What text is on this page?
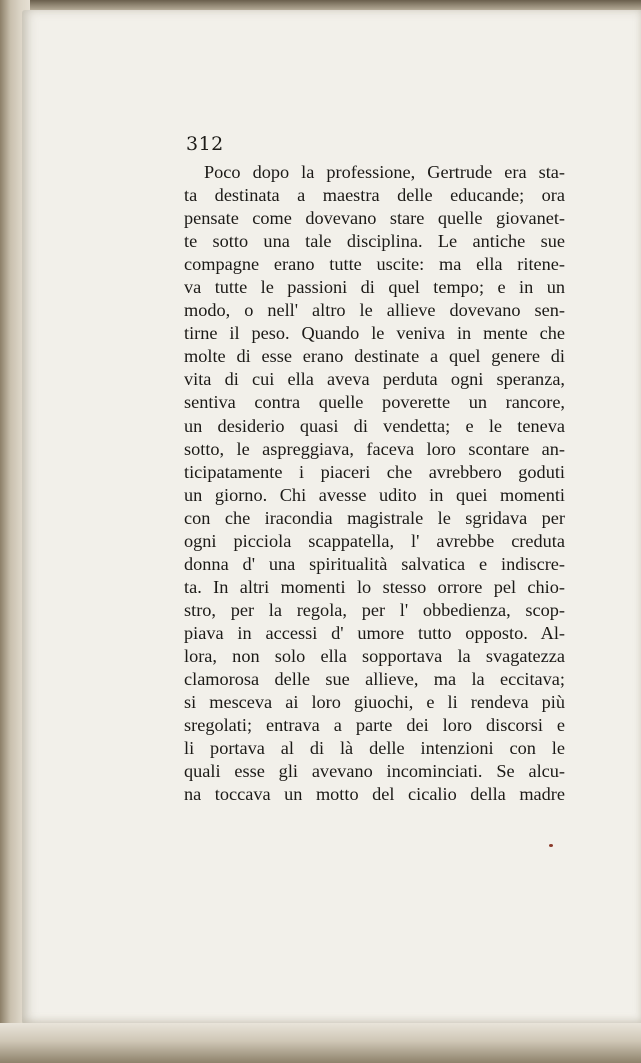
312

Poco dopo la professione, Gertrude era sta-
ta destinata a maestra delle educande; ora
pensate come dovevano stare quelle giovanet-
te sotto una tale disciplina. Le antiche sue
compagne erano tutte uscite: ma ella ritene-
va tutte le passioni di quel tempo; e in un
modo, o nell' altro le allieve dovevano sen-
tirne il peso. Quando le veniva in mente che
molte di esse erano destinate a quel genere di
vita di cui ella aveva perduta ogni speranza,
sentiva contra quelle poverette un rancore,
un desiderio quasi di vendetta; e le teneva
sotto, le aspreggiava, faceva loro scontare an-
ticipatamente i piaceri che avrebbero goduti
un giorno. Chi avesse udito in quei momenti
con che iracondia magistrale le sgridava per
ogni picciola scappatella, l' avrebbe creduta
donna d' una spiritualità salvatica e indiscre-
ta. In altri momenti lo stesso orrore pel chio-
stro, per la regola, per l' obbedienza, scop-
piava in accessi d' umore tutto opposto. Al-
lora, non solo ella sopportava la svagatezza
clamorosa delle sue allieve, ma la eccitava;
si mesceva ai loro giuochi, e li rendeva più
sregolati; entrava a parte dei loro discorsi e
li portava al di là delle intenzioni con le
quali esse gli avevano incominciati. Se alcu-
na toccava un motto del cicalio della madre
